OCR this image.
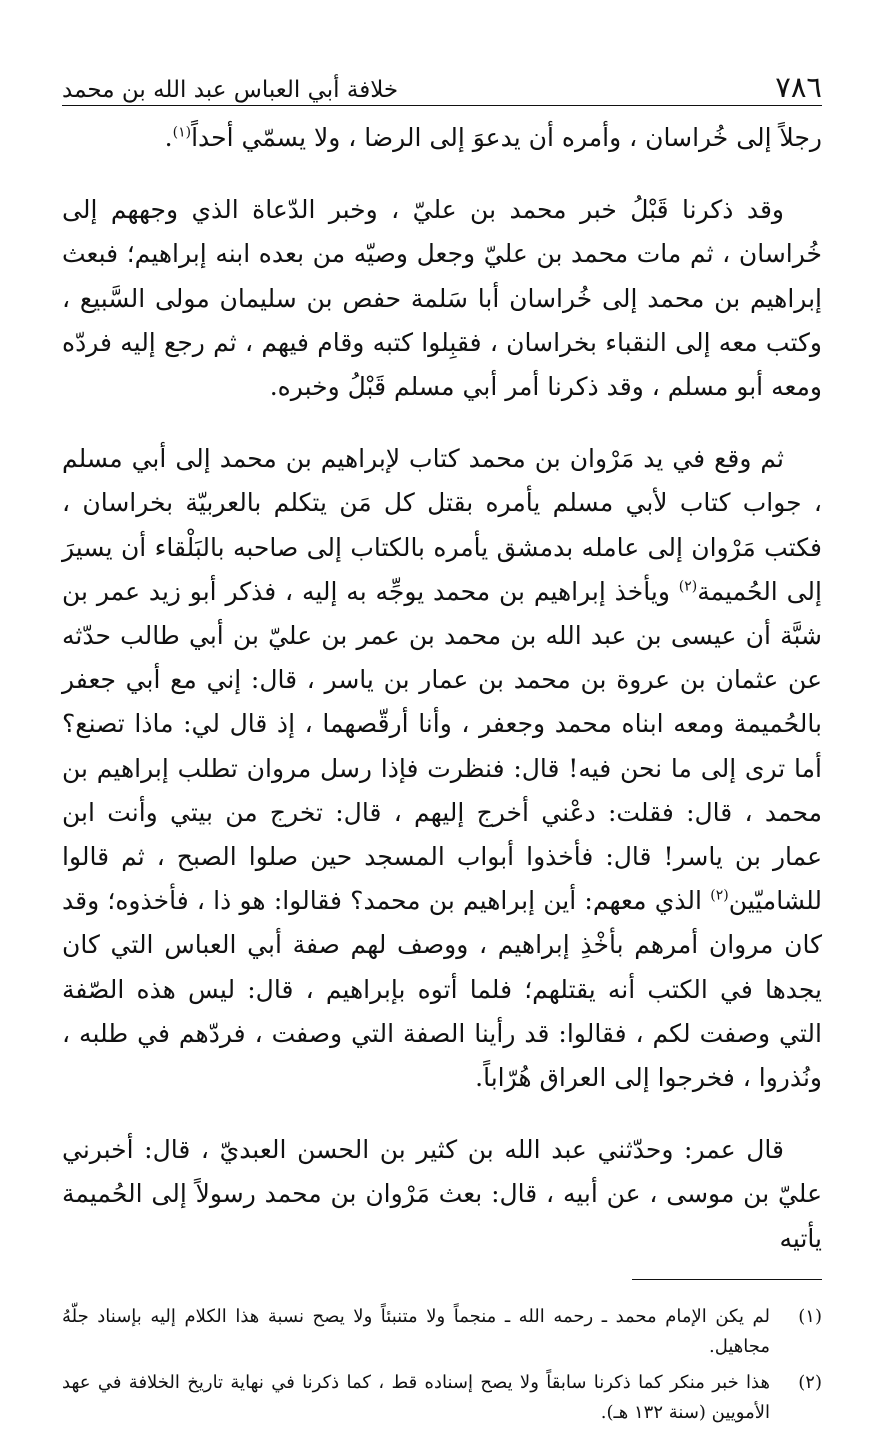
٧٨٦
خلافة أبي العباس عبد الله بن محمد

رجلاً إلى خُراسان ، وأمره أن يدعوَ إلى الرضا ، ولا يسمّي أحداً$^{(١)}$.

وقد ذكرنا قَبْلُ خبر محمد بن عليّ ، وخبر الدّعاة الذي وجههم إلى خُراسان ، ثم مات محمد بن عليّ وجعل وصيّه من بعده ابنه إبراهيم؛ فبعث إبراهيم بن محمد إلى خُراسان أبا سَلمة حفص بن سليمان مولى السَّبيع ، وكتب معه إلى النقباء بخراسان ، فقبِلوا كتبه وقام فيهم ، ثم رجع إليه فردّه ومعه أبو مسلم ، وقد ذكرنا أمر أبي مسلم قَبْلُ وخبره.

ثم وقع في يد مَرْوان بن محمد كتاب لإبراهيم بن محمد إلى أبي مسلم ، جواب كتاب لأبي مسلم يأمره بقتل كل مَن يتكلم بالعربيّة بخراسان ، فكتب مَرْوان إلى عامله بدمشق يأمره بالكتاب إلى صاحبه بالبَلْقاء أن يسيرَ إلى الحُميمة$^{(٢)}$ ويأخذ إبراهيم بن محمد يوجِّه به إليه ، فذكر أبو زيد عمر بن شبَّة أن عيسى بن عبد الله بن محمد بن عمر بن عليّ بن أبي طالب حدّثه عن عثمان بن عروة بن محمد بن عمار بن ياسر ، قال: إني مع أبي جعفر بالحُميمة ومعه ابناه محمد وجعفر ، وأنا أرقّصهما ، إذ قال لي: ماذا تصنع؟ أما ترى إلى ما نحن فيه! قال: فنظرت فإذا رسل مروان تطلب إبراهيم بن محمد ، قال: فقلت: دعْني أخرج إليهم ، قال: تخرج من بيتي وأنت ابن عمار بن ياسر! قال: فأخذوا أبواب المسجد حين صلوا الصبح ، ثم قالوا للشاميّين$^{(٢)}$ الذي معهم: أين إبراهيم بن محمد؟ فقالوا: هو ذا ، فأخذوه؛ وقد كان مروان أمرهم بأخْذِ إبراهيم ، ووصف لهم صفة أبي العباس التي كان يجدها في الكتب أنه يقتلهم؛ فلما أتوه بإبراهيم ، قال: ليس هذه الصّفة التي وصفت لكم ، فقالوا: قد رأينا الصفة التي وصفت ، فردّهم في طلبه ، ونُذروا ، فخرجوا إلى العراق هُرّاباً.

قال عمر: وحدّثني عبد الله بن كثير بن الحسن العبديّ ، قال: أخبرني عليّ بن موسى ، عن أبيه ، قال: بعث مَرْوان بن محمد رسولاً إلى الحُميمة يأتيه

(١)
لم يكن الإمام محمد ـ رحمه الله ـ منجماً ولا متنبئاً ولا يصح نسبة هذا الكلام إليه بإسناد جلّهُ مجاهيل.
(٢)
هذا خبر منكر كما ذكرنا سابقاً ولا يصح إسناده قط ، كما ذكرنا في نهاية تاريخ الخلافة في عهد الأمويين (سنة ١٣٢ هـ).
